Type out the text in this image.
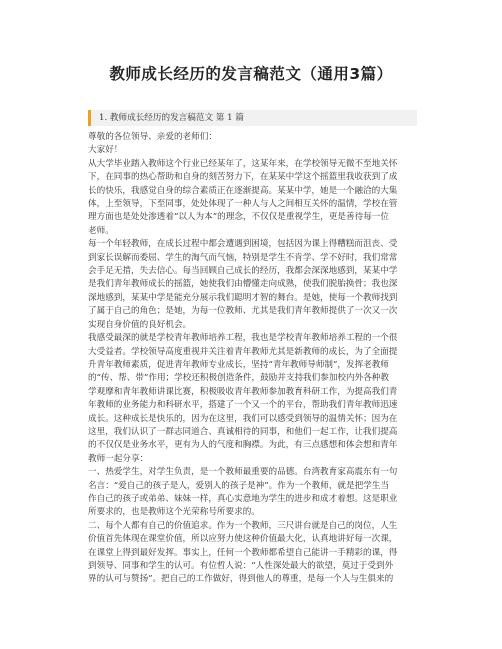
教师成长经历的发言稿范文（通用3篇）
1. 教师成长经历的发言稿范文 第 1 篇

尊敬的各位领导、亲爱的老师们：

大家好！

从大学毕业踏入教师这个行业已经某年了，这某年来，在学校领导无微不至地关怀

下，在同事的热心帮助和自身的刻苦努力下，在某某中学这个摇篮里我收获到了成

长的快乐，我感觉自身的综合素质正在逐渐提高。某某中学，她是一个融洽的大集

体，上至领导，下至同事，处处体现了一种人与人之间相互关怀的温情，学校在管

理方面也是处处渗透着“以人为本”的理念，不仅仅是重视学生，更是善待每一位

老师。

每一个年轻教师，在成长过程中都会遭遇到困境，包括因为课上得糟糕而沮丧、受

到家长误解而委屈、学生的淘气而气恼，特别是学生不肯学、学不好时，我们常常

会手足无措，失去信心。每当回顾自己成长的经历，我都会深深地感到，某某中学

是我们青年教师成长的摇篮，她使我们由懵懂走向成熟，使我们脱胎换骨；我也深

深地感到，某某中学是能充分展示我们聪明才智的舞台。是她，使每一个教师找到

了属于自己的角色；是她，为每一位教师、尤其是我们青年教师提供了一次又一次

实现自身价值的良好机会。

我感受最深的就是学校青年教师培养工程，我也是学校青年教师培养工程的一个很

大受益者。学校领导高度重视并关注着青年教师尤其是新教师的成长，为了全面提

升青年教师素质，促进青年教师专业成长，坚持“青年教师导师制”，发挥老教师

的“传、帮、带”作用；学校还积极创造条件，鼓励并支持我们参加校内外各种教

学观摩和青年教师讲课比赛，积极吸收青年教师参加教育科研工作，为提高我们青

年教师的业务能力和科研水平，搭建了一个又一个的平台，帮助我们青年教师迅速

成长。这种成长是快乐的，因为在这里，我们可以感受到领导的温情关怀；因为在

这里，我们认识了一群志同道合、真诚相待的同事，和他们一起工作，让我们提高

的不仅仅是业务水平，更有为人的气度和胸襟。为此，有三点感想和体会想和青年

教师一起分享：

一、热爱学生，对学生负责，是一个教师最重要的品德。台湾教育家高震东有一句

名言：“爱自己的孩子是人，爱别人的孩子是神”。作为一个教师，就是把学生当

作自己的孩子或弟弟、妹妹一样，真心实意地为学生的进步和成才着想。这是职业

所要求的，也是教师这个光荣称号所要求的。

二、每个人都有自己的价值追求。作为一个教师，三尺讲台就是自己的岗位，人生

价值首先体现在课堂价值，所以应努力使这种价值最大化，认真地讲好每一次课，

在课堂上得到最好发挥。事实上，任何一个教师都希望自己能讲一手精彩的课，得

到领导、同事和学生的认可。有位哲人说：“人性深处最大的欲望，莫过于受到外

界的认可与赞扬”。把自己的工作做好，得到他人的尊重，是每一个人与生俱来的
